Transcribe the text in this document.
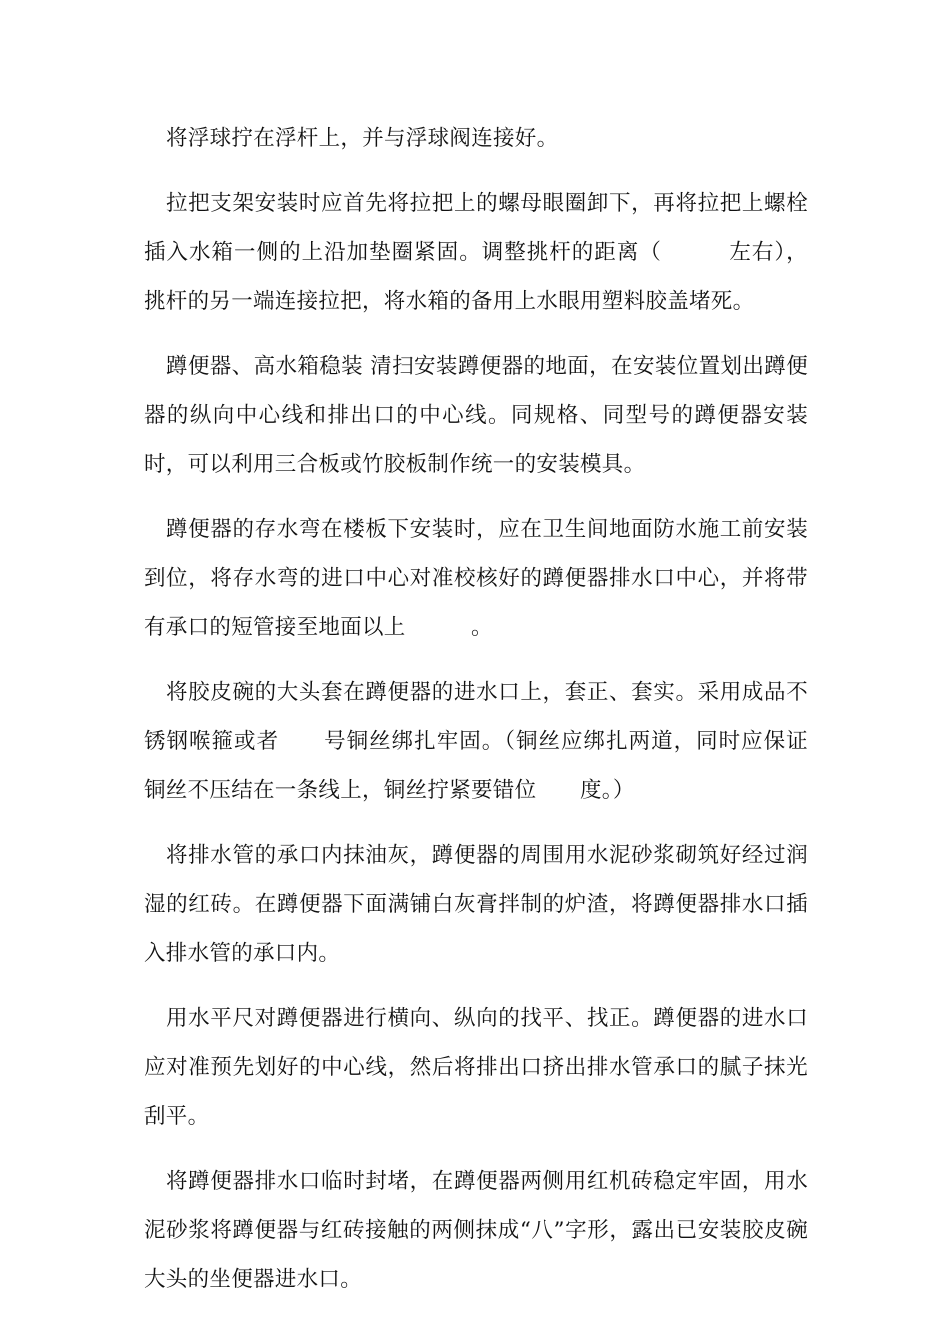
将浮球拧在浮杆上，并与浮球阀连接好。

拉把支架安装时应首先将拉把上的螺母眼圈卸下，再将拉把上螺栓插入水箱一侧的上沿加垫圈紧固。调整挑杆的距离（　　　左右），挑杆的另一端连接拉把，将水箱的备用上水眼用塑料胶盖堵死。

蹲便器、高水箱稳装 清扫安装蹲便器的地面，在安装位置划出蹲便器的纵向中心线和排出口的中心线。同规格、同型号的蹲便器安装时，可以利用三合板或竹胶板制作统一的安装模具。

蹲便器的存水弯在楼板下安装时，应在卫生间地面防水施工前安装到位，将存水弯的进口中心对准校核好的蹲便器排水口中心，并将带有承口的短管接至地面以上　　　。

将胶皮碗的大头套在蹲便器的进水口上，套正、套实。采用成品不锈钢喉箍或者　　号铜丝绑扎牢固。（铜丝应绑扎两道，同时应保证铜丝不压结在一条线上，铜丝拧紧要错位　　度。）

将排水管的承口内抹油灰，蹲便器的周围用水泥砂浆砌筑好经过润湿的红砖。在蹲便器下面满铺白灰膏拌制的炉渣，将蹲便器排水口插入排水管的承口内。

用水平尺对蹲便器进行横向、纵向的找平、找正。蹲便器的进水口应对准预先划好的中心线，然后将排出口挤出排水管承口的腻子抹光刮平。

将蹲便器排水口临时封堵，在蹲便器两侧用红机砖稳定牢固，用水泥砂浆将蹲便器与红砖接触的两侧抹成“八”字形，露出已安装胶皮碗大头的坐便器进水口。
